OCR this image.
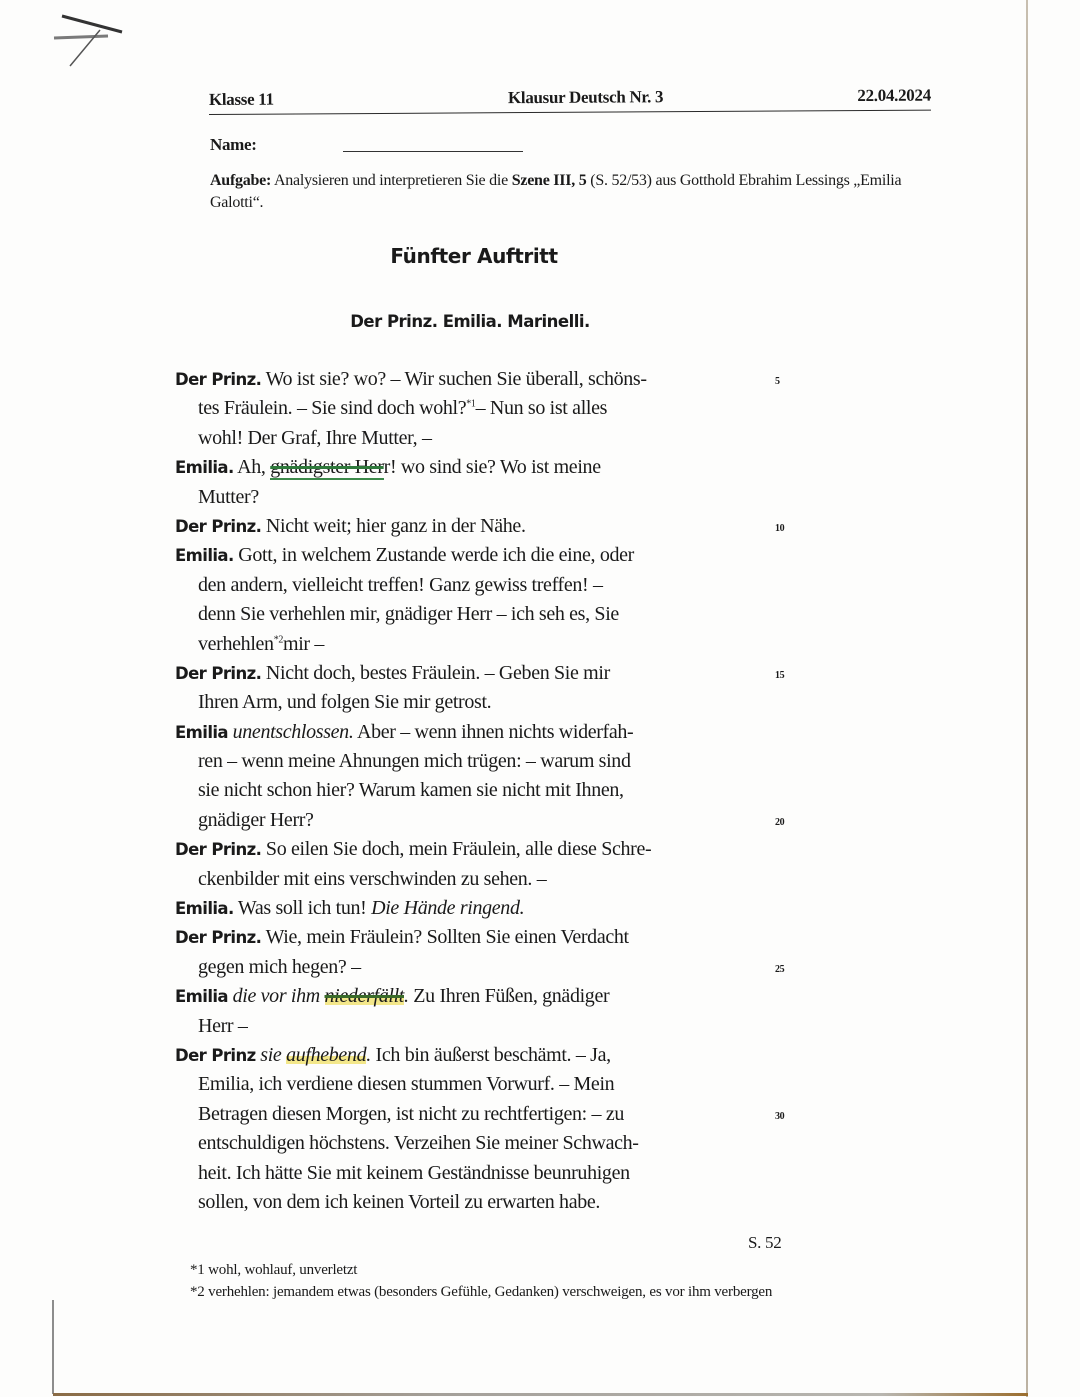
Klasse 11	Klausur Deutsch Nr. 3	22.04.2024
Name:
Aufgabe: Analysieren und interpretieren Sie die Szene III, 5 (S. 52/53) aus Gotthold Ebrahim Lessings „Emilia Galotti“.
Fünfter Auftritt
Der Prinz. Emilia. Marinelli.
Der Prinz. Wo ist sie? wo? – Wir suchen Sie überall, schöns-	5
tes Fräulein. – Sie sind doch wohl?$^{*1}$– Nun so ist alles
wohl! Der Graf, Ihre Mutter, –
Emilia. Ah, gnädigster Herr! wo sind sie? Wo ist meine
Mutter?
Der Prinz. Nicht weit; hier ganz in der Nähe.	10
Emilia. Gott, in welchem Zustande werde ich die eine, oder
den andern, vielleicht treffen! Ganz gewiss treffen! –
denn Sie verhehlen mir, gnädiger Herr – ich seh es, Sie
verhehlen$^{*2}$mir –
Der Prinz. Nicht doch, bestes Fräulein. – Geben Sie mir	15
Ihren Arm, und folgen Sie mir getrost.
Emilia unentschlossen. Aber – wenn ihnen nichts widerfah-
ren – wenn meine Ahnungen mich trügen: – warum sind
sie nicht schon hier? Warum kamen sie nicht mit Ihnen,
gnädiger Herr?	20
Der Prinz. So eilen Sie doch, mein Fräulein, alle diese Schre-
ckenbilder mit eins verschwinden zu sehen. –
Emilia. Was soll ich tun! Die Hände ringend.
Der Prinz. Wie, mein Fräulein? Sollten Sie einen Verdacht
gegen mich hegen? –	25
Emilia die vor ihm niederfällt. Zu Ihren Füßen, gnädiger
Herr –
Der Prinz sie aufhebend. Ich bin äußerst beschämt. – Ja,
Emilia, ich verdiene diesen stummen Vorwurf. – Mein
Betragen diesen Morgen, ist nicht zu rechtfertigen: – zu	30
entschuldigen höchstens. Verzeihen Sie meiner Schwach-
heit. Ich hätte Sie mit keinem Geständnisse beunruhigen
sollen, von dem ich keinen Vorteil zu erwarten habe.
S. 52
*1 wohl, wohlauf, unverletzt
*2 verhehlen: jemandem etwas (besonders Gefühle, Gedanken) verschweigen, es vor ihm verbergen
